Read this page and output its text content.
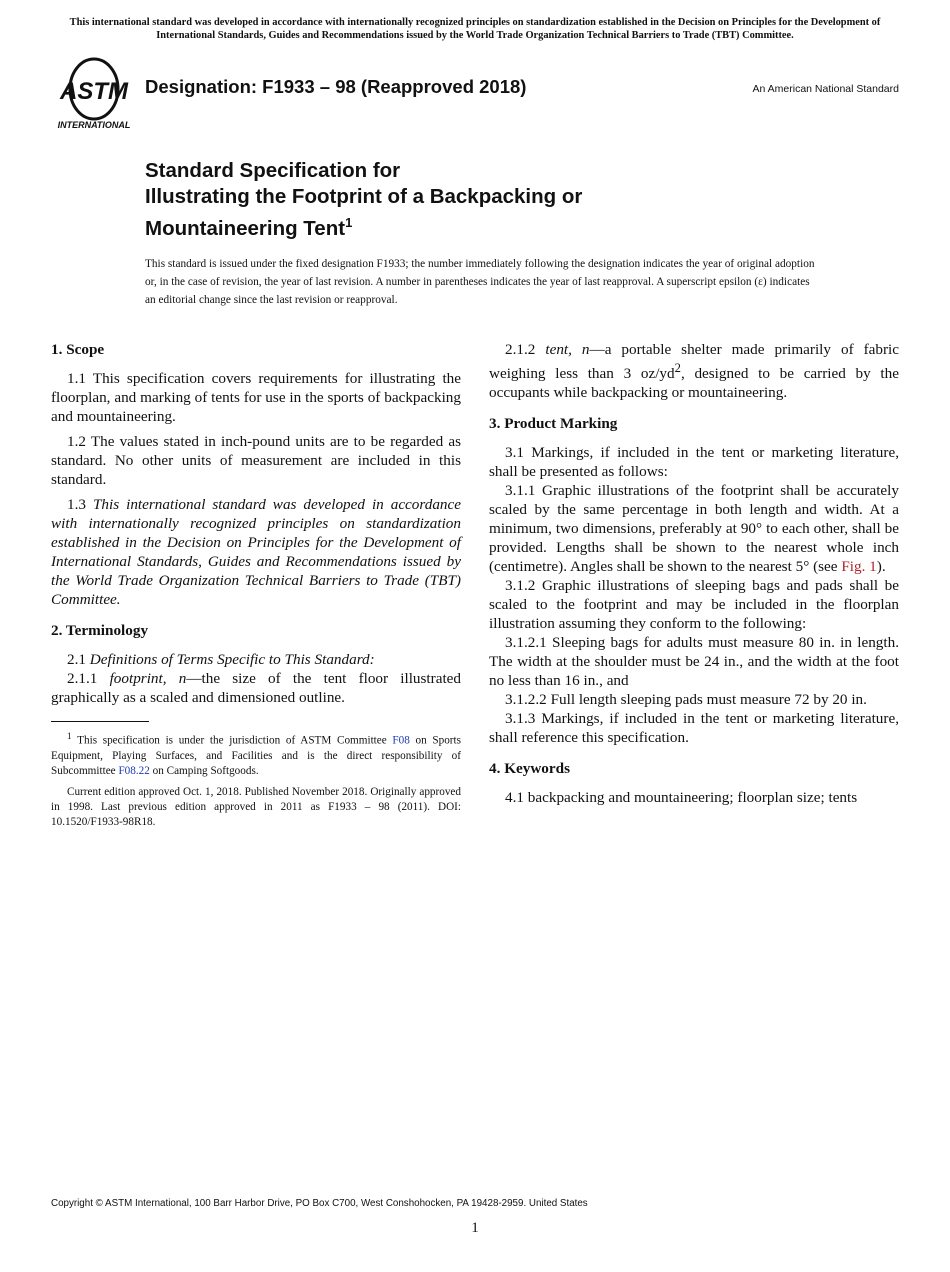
This international standard was developed in accordance with internationally recognized principles on standardization established in the Decision on Principles for the Development of International Standards, Guides and Recommendations issued by the World Trade Organization Technical Barriers to Trade (TBT) Committee.
ASTM
INTERNATIONAL
Designation: F1933 – 98 (Reapproved 2018)	An American National Standard
Standard Specification for
Illustrating the Footprint of a Backpacking or
Mountaineering Tent$^1$
This standard is issued under the fixed designation F1933; the number immediately following the designation indicates the year of original adoption or, in the case of revision, the year of last revision. A number in parentheses indicates the year of last reapproval. A superscript epsilon (ε) indicates an editorial change since the last revision or reapproval.
1. Scope

1.1 This specification covers requirements for illustrating the floorplan, and marking of tents for use in the sports of backpacking and mountaineering.

1.2 The values stated in inch-pound units are to be regarded as standard. No other units of measurement are included in this standard.

1.3 This international standard was developed in accordance with internationally recognized principles on standardization established in the Decision on Principles for the Development of International Standards, Guides and Recommendations issued by the World Trade Organization Technical Barriers to Trade (TBT) Committee.

2. Terminology

2.1 Definitions of Terms Specific to This Standard:

2.1.1 footprint, n—the size of the tent floor illustrated graphically as a scaled and dimensioned outline.

$^1$ This specification is under the jurisdiction of ASTM Committee F08 on Sports Equipment, Playing Surfaces, and Facilities and is the direct responsibility of Subcommittee F08.22 on Camping Softgoods.

Current edition approved Oct. 1, 2018. Published November 2018. Originally approved in 1998. Last previous edition approved in 2011 as F1933 – 98 (2011). DOI: 10.1520/F1933-98R18.

2.1.2 tent, n—a portable shelter made primarily of fabric weighing less than 3 $oz/yd^2$, designed to be carried by the occupants while backpacking or mountaineering.

3. Product Marking

3.1 Markings, if included in the tent or marketing literature, shall be presented as follows:

3.1.1 Graphic illustrations of the footprint shall be accurately scaled by the same percentage in both length and width. At a minimum, two dimensions, preferably at 90° to each other, shall be provided. Lengths shall be shown to the nearest whole inch (centimetre). Angles shall be shown to the nearest 5° (see Fig. 1).

3.1.2 Graphic illustrations of sleeping bags and pads shall be scaled to the footprint and may be included in the floorplan illustration assuming they conform to the following:

3.1.2.1 Sleeping bags for adults must measure 80 in. in length. The width at the shoulder must be 24 in., and the width at the foot no less than 16 in., and

3.1.2.2 Full length sleeping pads must measure 72 by 20 in.

3.1.3 Markings, if included in the tent or marketing literature, shall reference this specification.

4. Keywords

4.1 backpacking and mountaineering; floorplan size; tents

Copyright © ASTM International, 100 Barr Harbor Drive, PO Box C700, West Conshohocken, PA 19428-2959. United States
1
